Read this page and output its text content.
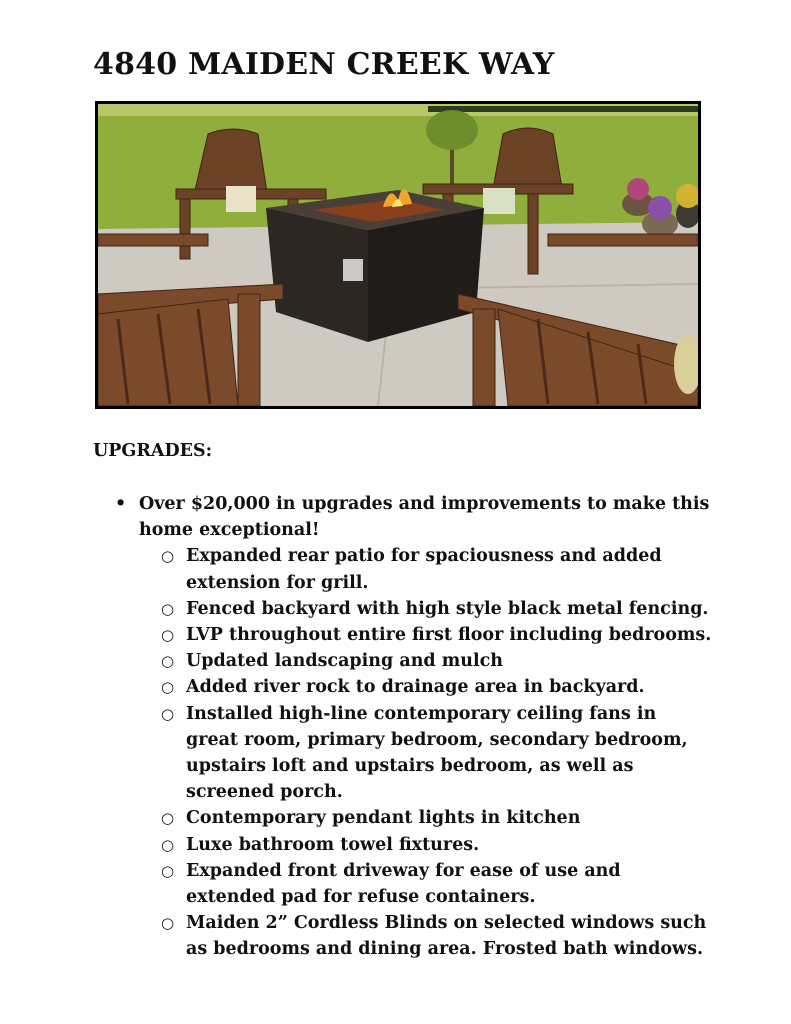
4840 MAIDEN CREEK WAY
UPGRADES:
• Over $20,000 in upgrades and improvements to make this home exceptional!
○ Expanded rear patio for spaciousness and added extension for grill.
○ Fenced backyard with high style black metal fencing.
○ LVP throughout entire first floor including bedrooms.
○ Updated landscaping and mulch
○ Added river rock to drainage area in backyard.
○ Installed high-line contemporary ceiling fans in great room, primary bedroom, secondary bedroom, upstairs loft and upstairs bedroom, as well as screened porch.
○ Contemporary pendant lights in kitchen
○ Luxe bathroom towel fixtures.
○ Expanded front driveway for ease of use and extended pad for refuse containers.
○ Maiden 2” Cordless Blinds on selected windows such as bedrooms and dining area. Frosted bath windows.
